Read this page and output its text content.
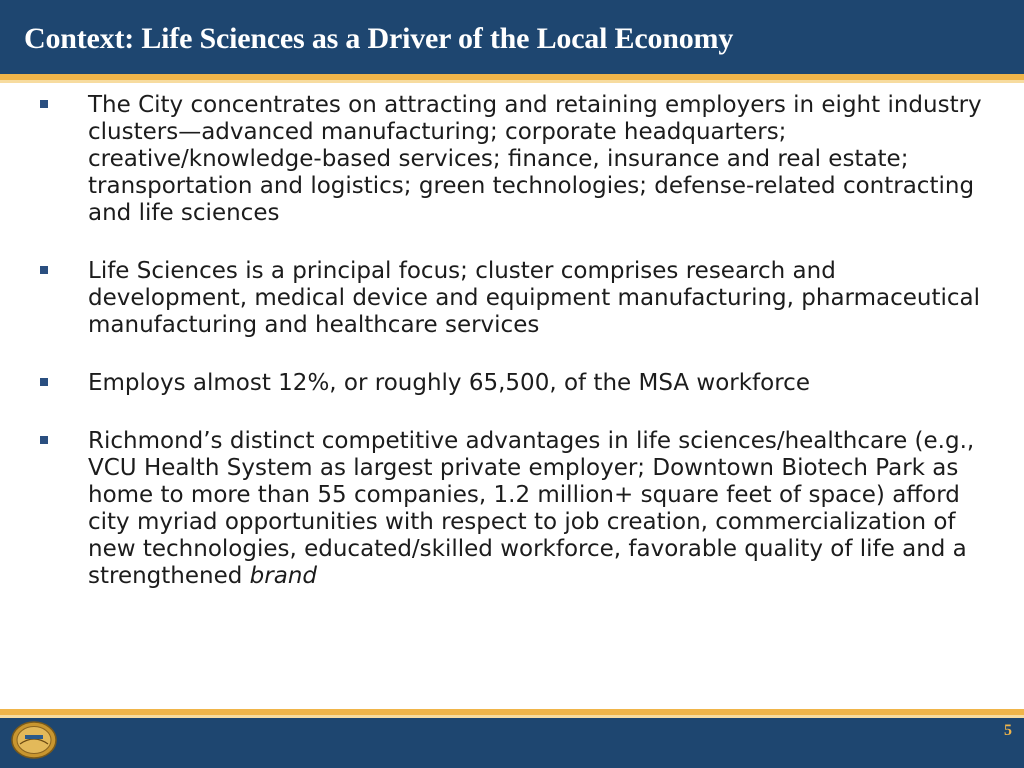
Context: Life Sciences as a Driver of the Local Economy
The City concentrates on attracting and retaining employers in eight industry clusters—advanced manufacturing; corporate headquarters; creative/knowledge-based services; finance, insurance and real estate; transportation and logistics; green technologies; defense-related contracting and life sciences
Life Sciences is a principal focus; cluster comprises research and development, medical device and equipment manufacturing, pharmaceutical manufacturing and healthcare services
Employs almost 12%, or roughly 65,500, of the MSA workforce
Richmond’s distinct competitive advantages in life sciences/healthcare (e.g., VCU Health System as largest private employer; Downtown Biotech Park as home to more than 55 companies, 1.2 million+ square feet of space) afford city myriad opportunities with respect to job creation, commercialization of new technologies, educated/skilled workforce, favorable quality of life and a strengthened brand
5
